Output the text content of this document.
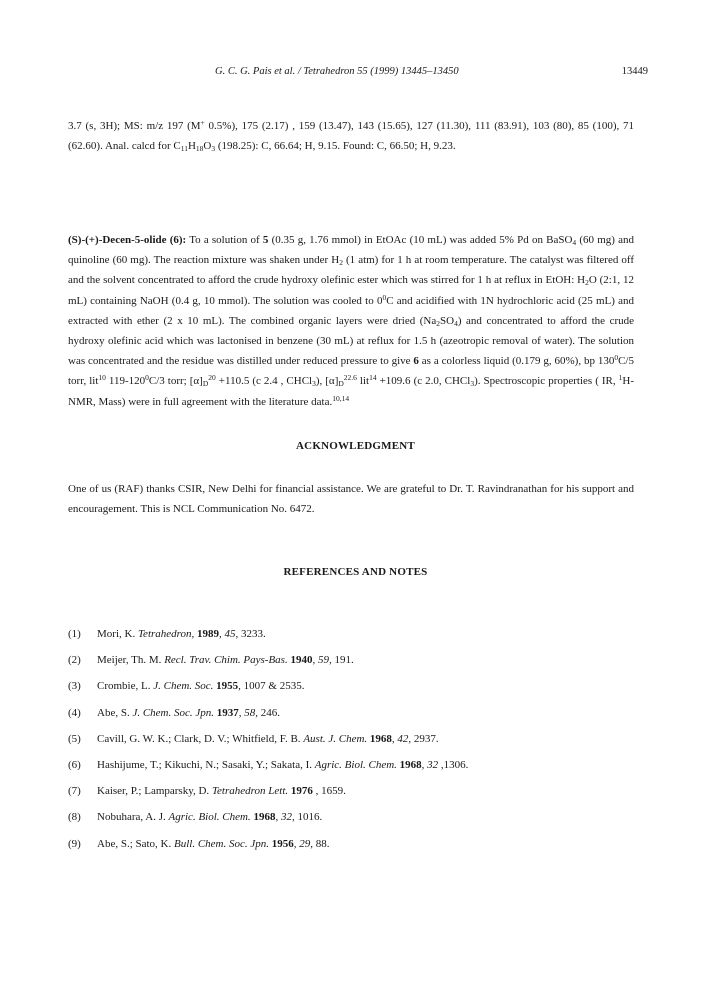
G. C. G. Pais et al. / Tetrahedron 55 (1999) 13445–13450	13449

3.7 (s, 3H); MS: m/z 197 (M+ 0.5%), 175 (2.17) , 159 (13.47), 143 (15.65), 127 (11.30), 111 (83.91), 103 (80), 85 (100), 71 (62.60). Anal. calcd for $C_{11}H_{18}O_3$ (198.25): C, 66.64; H, 9.15. Found: C, 66.50; H, 9.23.

(S)-(+)-Decen-5-olide (6): To a solution of 5 (0.35 g, 1.76 mmol) in EtOAc (10 mL) was added 5% Pd on BaSO$_4$ (60 mg) and quinoline (60 mg). The reaction mixture was shaken under $H_2$ (1 atm) for 1 h at room temperature. The catalyst was filtered off and the solvent concentrated to afford the crude hydroxy olefinic ester which was stirred for 1 h at reflux in EtOH: $H_2O$ (2:1, 12 mL) containing NaOH (0.4 g, 10 mmol). The solution was cooled to $0^0C$ and acidified with 1N hydrochloric acid (25 mL) and extracted with ether (2 x 10 mL). The combined organic layers were dried $(Na_2SO_4)$ and concentrated to afford the crude hydroxy olefinic acid which was lactonised in benzene (30 mL) at reflux for 1.5 h (azeotropic removal of water). The solution was concentrated and the residue was distilled under reduced pressure to give 6 as a colorless liquid (0.179 g, 60%), bp $130^0C/5$ torr, lit$^{10}$ $119-120^0C/3$ torr; $[\alpha]_D^{20} +110.5$ (c 2.4 , CHCl$_3$), $[\alpha]_D^{22.6}$ lit$^{14}$ +109.6 (c 2.0, CHCl$_3$). Spectroscopic properties ( IR, $^1$H-NMR, Mass) were in full agreement with the literature data.$^{10,14}$

ACKNOWLEDGMENT

One of us (RAF) thanks CSIR, New Delhi for financial assistance. We are grateful to Dr. T. Ravindranathan for his support and encouragement. This is NCL Communication No. 6472.

REFERENCES AND NOTES
(1) Mori, K. Tetrahedron, 1989, 45, 3233.
(2) Meijer, Th. M. Recl. Trav. Chim. Pays-Bas. 1940, 59, 191.
(3) Crombie, L. J. Chem. Soc. 1955, 1007 & 2535.
(4) Abe, S. J. Chem. Soc. Jpn. 1937, 58, 246.
(5) Cavill, G. W. K.; Clark, D. V.; Whitfield, F. B. Aust. J. Chem. 1968, 42, 2937.
(6) Hashijume, T.; Kikuchi, N.; Sasaki, Y.; Sakata, I. Agric. Biol. Chem. 1968, 32 ,1306.
(7) Kaiser, P.; Lamparsky, D. Tetrahedron Lett. 1976 , 1659.
(8) Nobuhara, A. J. Agric. Biol. Chem. 1968, 32, 1016.
(9) Abe, S.; Sato, K. Bull. Chem. Soc. Jpn. 1956, 29, 88.
